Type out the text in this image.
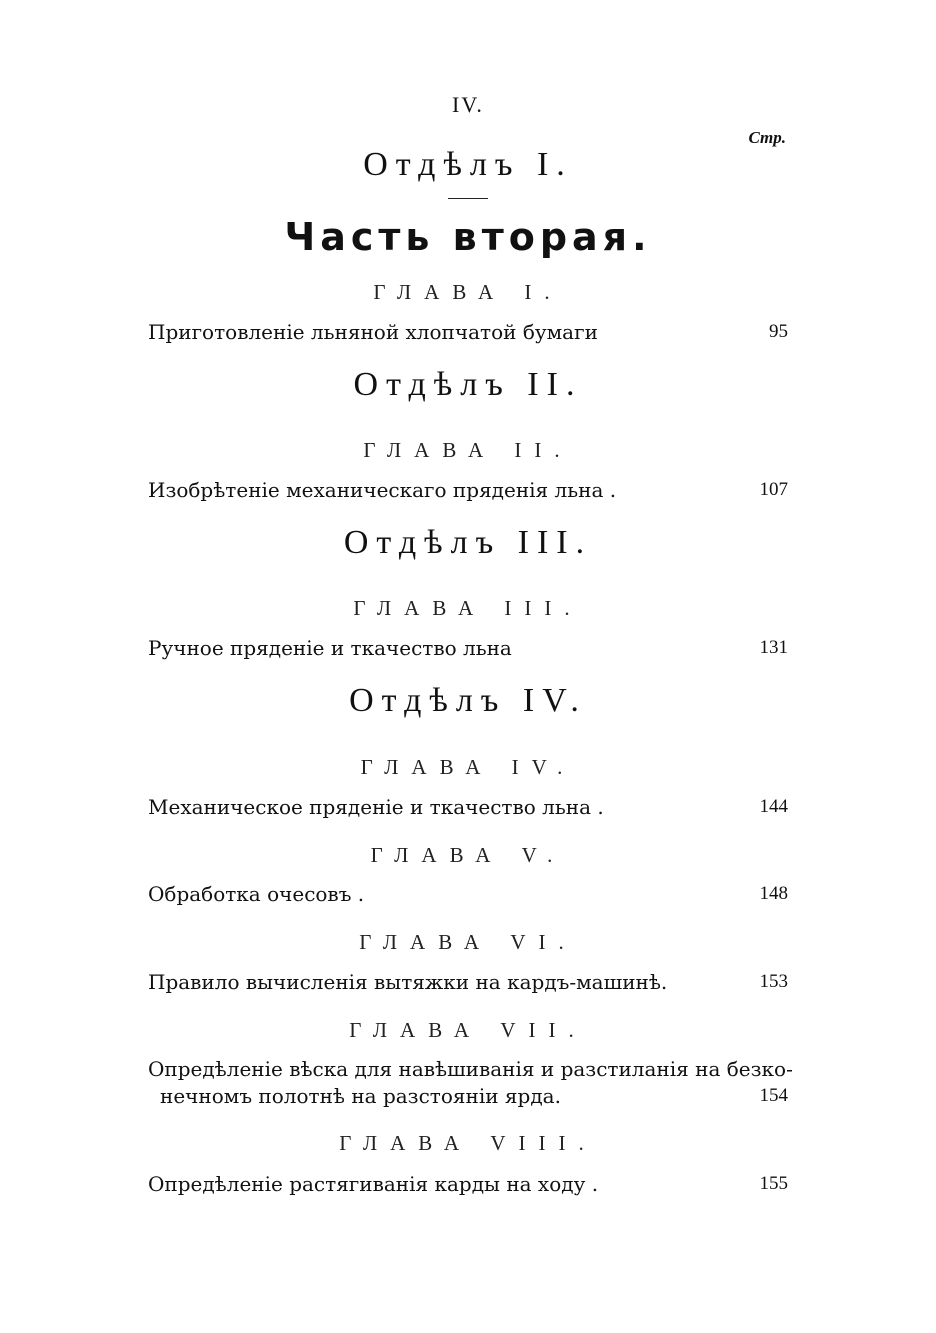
IV.
Стр.
Отдѣлъ I.
Часть вторая.
ГЛАВА I.
Приготовленіе льняной хлопчатой бумаги	95
Отдѣлъ II.
ГЛАВА II.
Изобрѣтеніе механическаго пряденія льна .	107
Отдѣлъ III.
ГЛАВА III.
Ручное пряденіе и ткачество льна	131
Отдѣлъ IV.
ГЛАВА IV.
Механическое пряденіе и ткачество льна .	144
ГЛАВА V.
Обработка очесовъ .	148
ГЛАВА VI.
Правило вычисленія вытяжки на кардъ-машинѣ.	153
ГЛАВА VII.
Опредѣленіе вѣска для навѣшиванія и разстиланія на безко-
нечномъ полотнѣ на разстояніи ярда.	154
ГЛАВА VIII.
Опредѣленіе растягиванія карды на ходу .	155
